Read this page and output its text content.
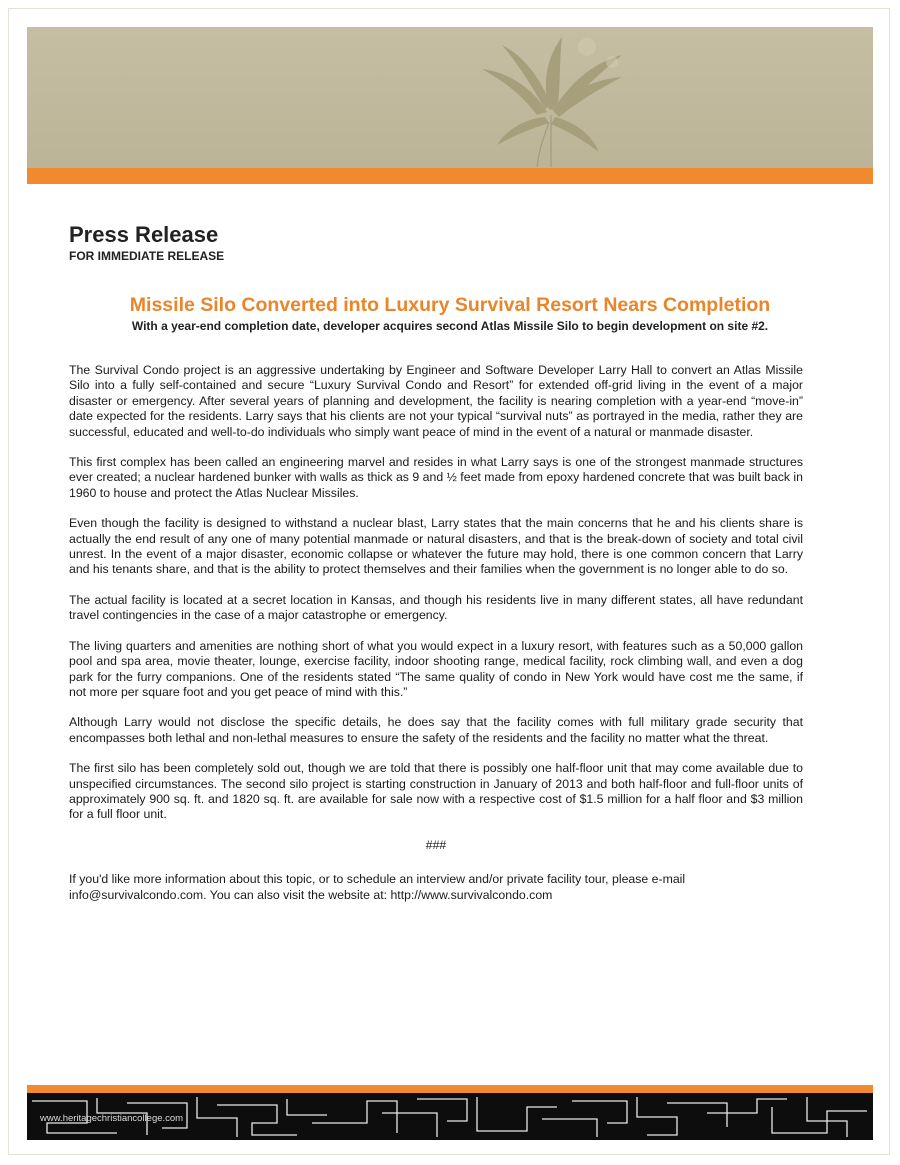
Press Release
FOR IMMEDIATE RELEASE
Missile Silo Converted into Luxury Survival Resort Nears Completion
With a year-end completion date, developer acquires second Atlas Missile Silo to begin development on site #2.

The Survival Condo project is an aggressive undertaking by Engineer and Software Developer Larry Hall to convert an Atlas Missile Silo into a fully self-contained and secure “Luxury Survival Condo and Resort” for extended off-grid living in the event of a major disaster or emergency. After several years of planning and development, the facility is nearing completion with a year-end “move-in” date expected for the residents. Larry says that his clients are not your typical “survival nuts” as portrayed in the media, rather they are successful, educated and well-to-do individuals who simply want peace of mind in the event of a natural or manmade disaster.

This first complex has been called an engineering marvel and resides in what Larry says is one of the strongest manmade structures ever created; a nuclear hardened bunker with walls as thick as 9 and ½ feet made from epoxy hardened concrete that was built back in 1960 to house and protect the Atlas Nuclear Missiles.

Even though the facility is designed to withstand a nuclear blast, Larry states that the main concerns that he and his clients share is actually the end result of any one of many potential manmade or natural disasters, and that is the break-down of society and total civil unrest. In the event of a major disaster, economic collapse or whatever the future may hold, there is one common concern that Larry and his tenants share, and that is the ability to protect themselves and their families when the government is no longer able to do so.

The actual facility is located at a secret location in Kansas, and though his residents live in many different states, all have redundant travel contingencies in the case of a major catastrophe or emergency.

The living quarters and amenities are nothing short of what you would expect in a luxury resort, with features such as a 50,000 gallon pool and spa area, movie theater, lounge, exercise facility, indoor shooting range, medical facility, rock climbing wall, and even a dog park for the furry companions. One of the residents stated “The same quality of condo in New York would have cost me the same, if not more per square foot and you get peace of mind with this.”

Although Larry would not disclose the specific details, he does say that the facility comes with full military grade security that encompasses both lethal and non-lethal measures to ensure the safety of the residents and the facility no matter what the threat.

The first silo has been completely sold out, though we are told that there is possibly one half-floor unit that may come available due to unspecified circumstances. The second silo project is starting construction in January of 2013 and both half-floor and full-floor units of approximately 900 sq. ft. and 1820 sq. ft. are available for sale now with a respective cost of $1.5 million for a half floor and $3 million for a full floor unit.

###

If you'd like more information about this topic, or to schedule an interview and/or private facility tour, please e-mail info@survivalcondo.com. You can also visit the website at: http://www.survivalcondo.com

www.heritagechristiancollege.com
